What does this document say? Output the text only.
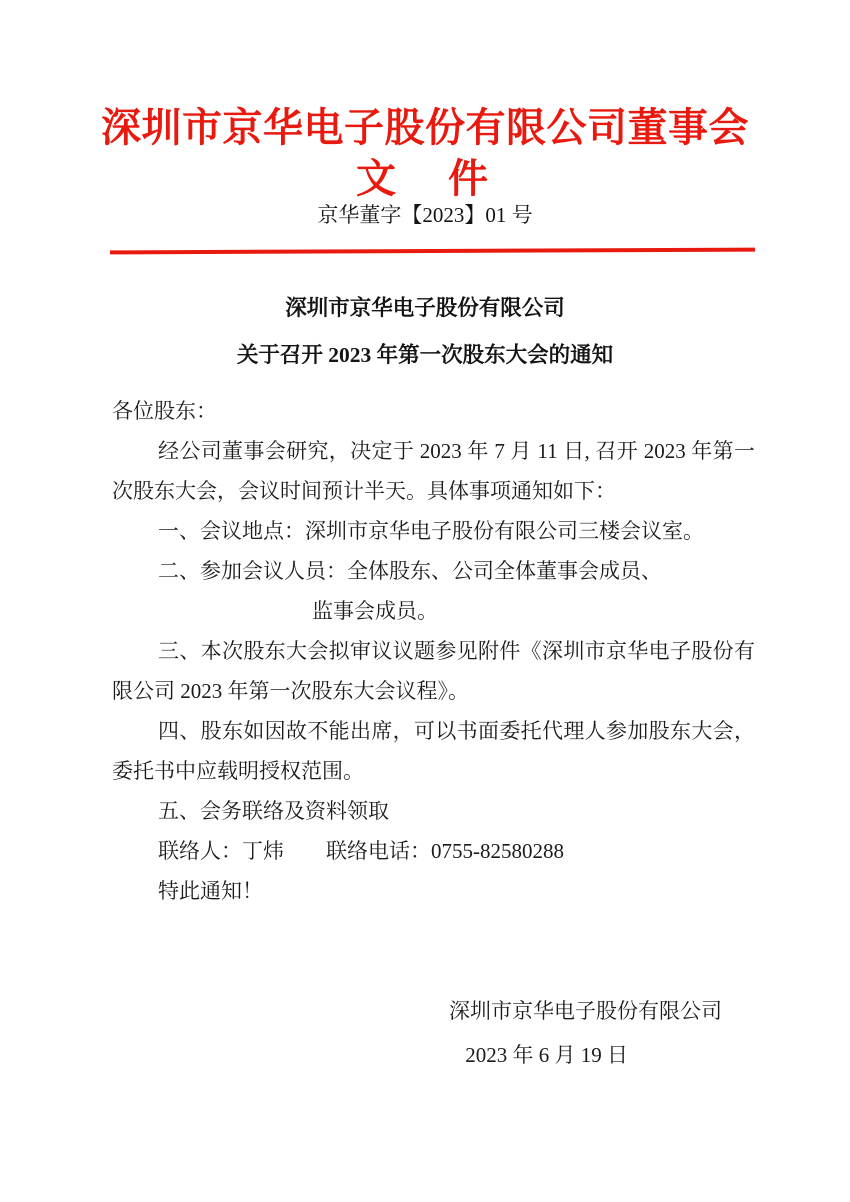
深圳市京华电子股份有限公司董事会
文　件
京华董字【2023】01 号
深圳市京华电子股份有限公司
关于召开 2023 年第一次股东大会的通知

各位股东：

经公司董事会研究，决定于 2023 年 7 月 11 日, 召开 2023 年第一次股东大会，会议时间预计半天。具体事项通知如下：

一、会议地点：深圳市京华电子股份有限公司三楼会议室。

二、参加会议人员：全体股东、公司全体董事会成员、

监事会成员。

三、本次股东大会拟审议议题参见附件《深圳市京华电子股份有限公司 2023 年第一次股东大会议程》。

四、股东如因故不能出席，可以书面委托代理人参加股东大会，委托书中应载明授权范围。

五、会务联络及资料领取

联络人：丁炜　　联络电话：0755-82580288

特此通知！

深圳市京华电子股份有限公司
2023 年 6 月 19 日
